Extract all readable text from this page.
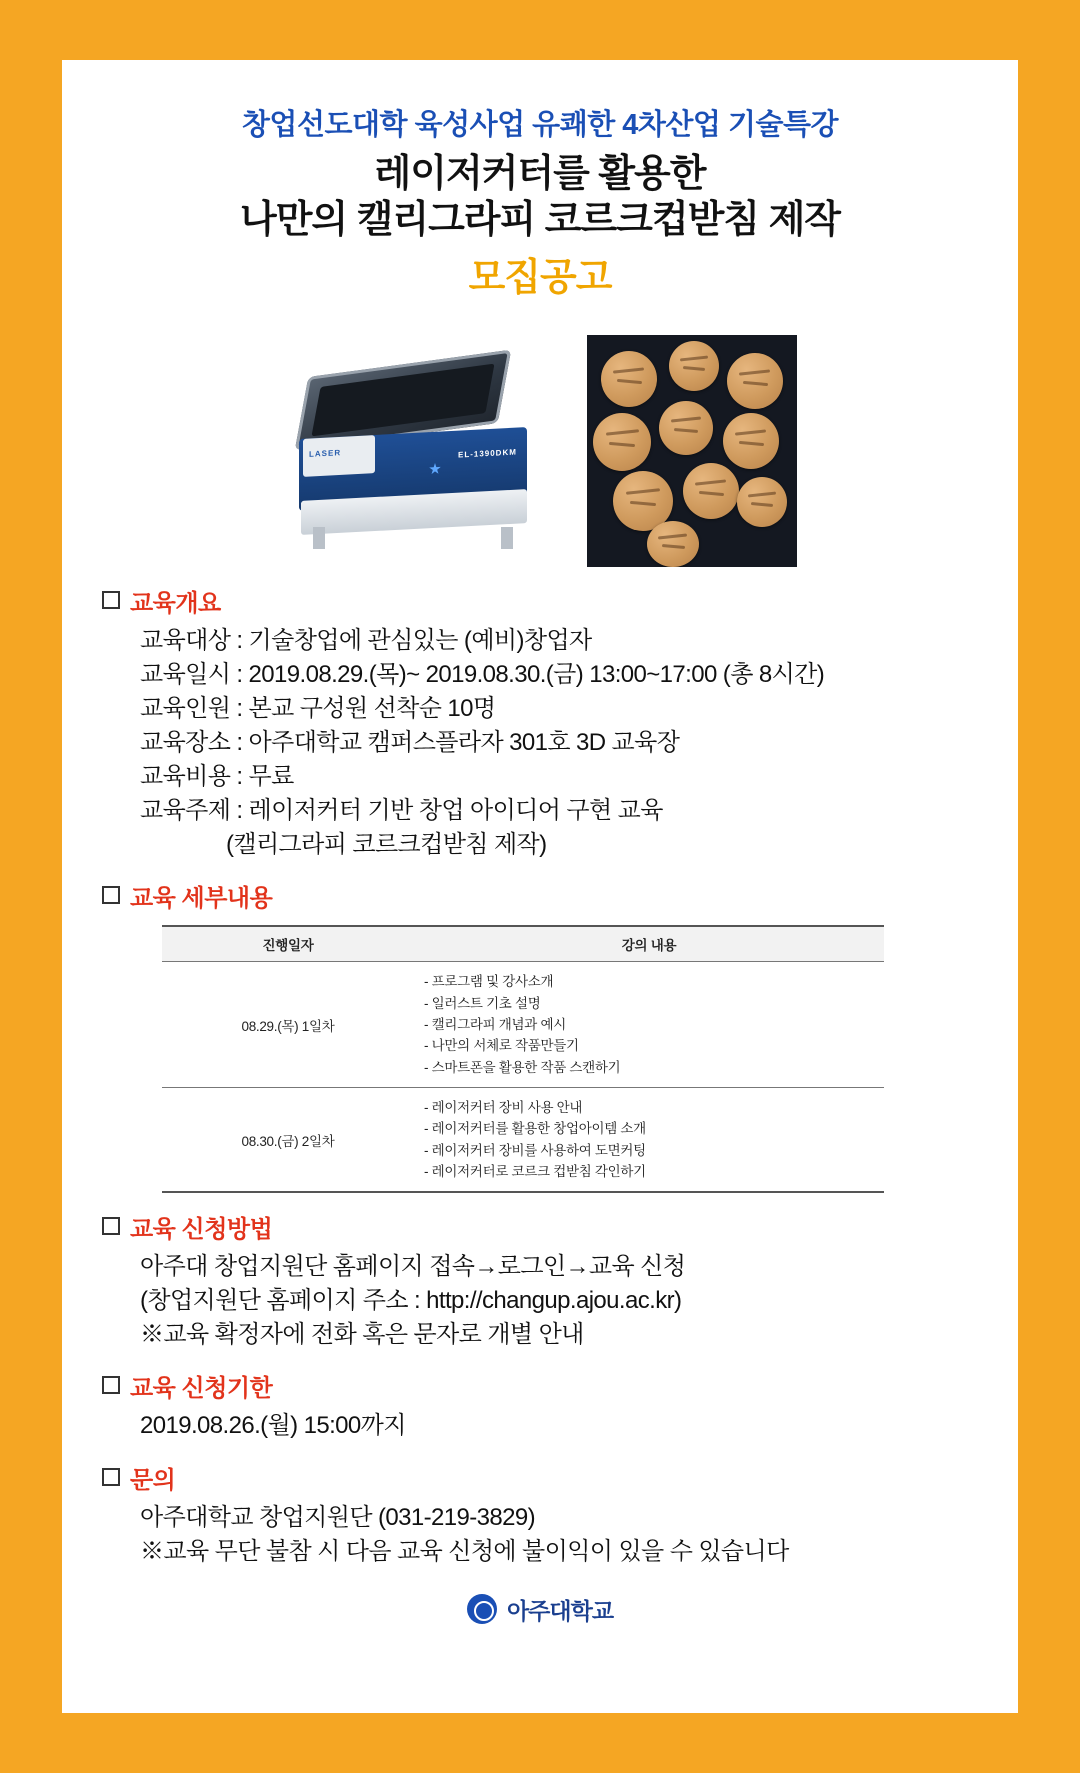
창업선도대학 육성사업 유쾌한 4차산업 기술특강
레이저커터를 활용한
나만의 캘리그라피 코르크컵받침 제작
모집공고
LASER	EL-1390DKM
교육개요
교육대상 : 기술창업에 관심있는 (예비)창업자
교육일시 : 2019.08.29.(목)~ 2019.08.30.(금) 13:00~17:00 (총 8시간)
교육인원 : 본교 구성원 선착순 10명
교육장소 : 아주대학교 캠퍼스플라자 301호 3D 교육장
교육비용 : 무료
교육주제 : 레이저커터 기반 창업 아이디어 구현 교육
(캘리그라피 코르크컵받침 제작)
교육 세부내용
진행일자	강의 내용
08.29.(목) 1일차	
- 프로그램 및 강사소개
- 일러스트 기초 설명
- 캘리그라피 개념과 예시
- 나만의 서체로 작품만들기
- 스마트폰을 활용한 작품 스캔하기

08.30.(금) 2일차	
- 레이저커터 장비 사용 안내
- 레이저커터를 활용한 창업아이템 소개
- 레이저커터 장비를 사용하여 도면커팅
- 레이저커터로 코르크 컵받침 각인하기
교육 신청방법
아주대 창업지원단 홈페이지 접속→로그인→교육 신청
(창업지원단 홈페이지 주소 : http://changup.ajou.ac.kr)
※교육 확정자에 전화 혹은 문자로 개별 안내
교육 신청기한
2019.08.26.(월) 15:00까지
문의
아주대학교 창업지원단 (031-219-3829)
※교육 무단 불참 시 다음 교육 신청에 불이익이 있을 수 있습니다
아주대학교
